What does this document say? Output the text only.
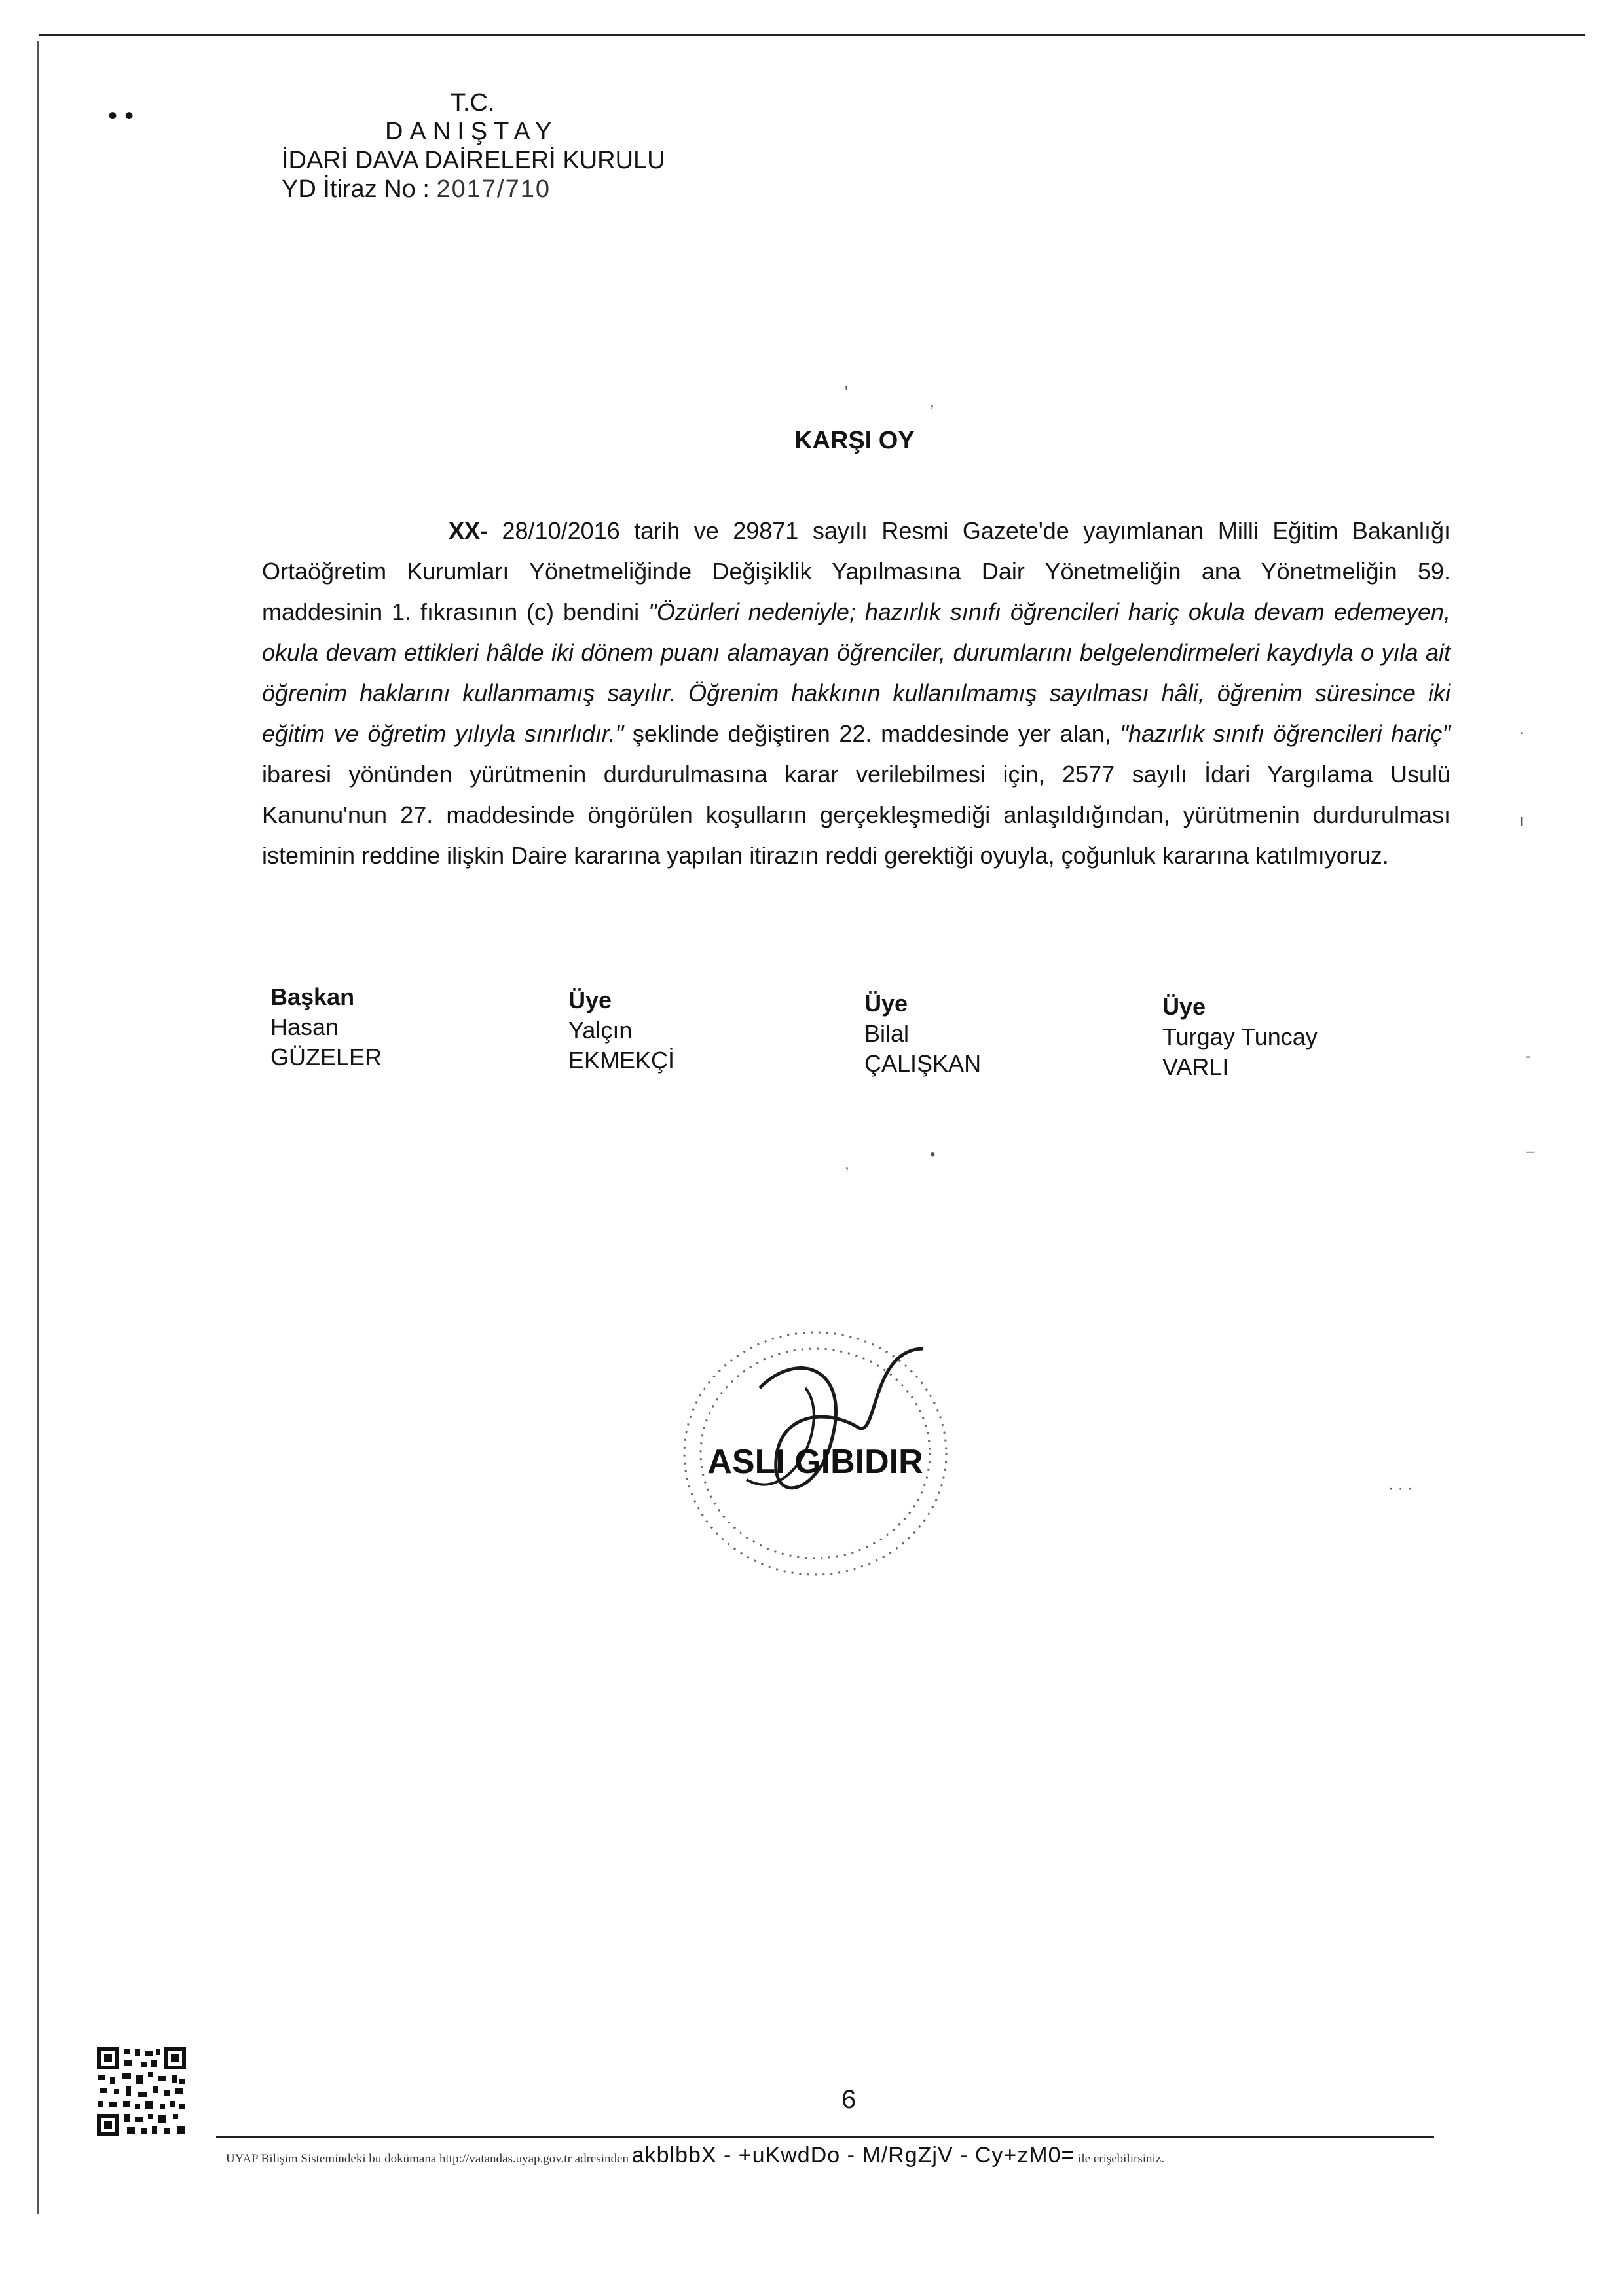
• •	T.C.
DANIŞTAY
İDARİ DAVA DAİRELERİ KURULU
YD İtiraz No : 2017/710
'
,
KARŞI OY
XX- 28/10/2016 tarih ve 29871 sayılı Resmi Gazete'de yayımlanan Milli Eğitim Bakanlığı Ortaöğretim Kurumları Yönetmeliğinde Değişiklik Yapılmasına Dair Yönetmeliğin ana Yönetmeliğin 59. maddesinin 1. fıkrasının (c) bendini "Özürleri nedeniyle; hazırlık sınıfı öğrencileri hariç okula devam edemeyen, okula devam ettikleri hâlde iki dönem puanı alamayan öğrenciler, durumlarını belgelendirmeleri kaydıyla o yıla ait öğrenim haklarını kullanmamış sayılır. Öğrenim hakkının kullanılmamış sayılması hâli, öğrenim süresince iki eğitim ve öğretim yılıyla sınırlıdır." şeklinde değiştiren 22. maddesinde yer alan, "hazırlık sınıfı öğrencileri hariç" ibaresi yönünden yürütmenin durdurulmasına karar verilebilmesi için, 2577 sayılı İdari Yargılama Usulü Kanunu'nun 27. maddesinde öngörülen koşulların gerçekleşmediği anlaşıldığından, yürütmenin durdurulması isteminin reddine ilişkin Daire kararına yapılan itirazın reddi gerektiği oyuyla, çoğunluk kararına katılmıyoruz.
Başkan
Hasan
GÜZELER
Üye
Yalçın
EKMEKÇİ
Üye
Bilal
ÇALIŞKAN
Üye
Turgay Tuncay
VARLI
,
•
-
–
.
ı
· · ·
ASLI GIBIDIR
6
UYAP Bilişim Sistemindeki bu dokümana http://vatandas.uyap.gov.tr adresinden akblbbX - +uKwdDo - M/RgZjV - Cy+zM0= ile erişebilirsiniz.
